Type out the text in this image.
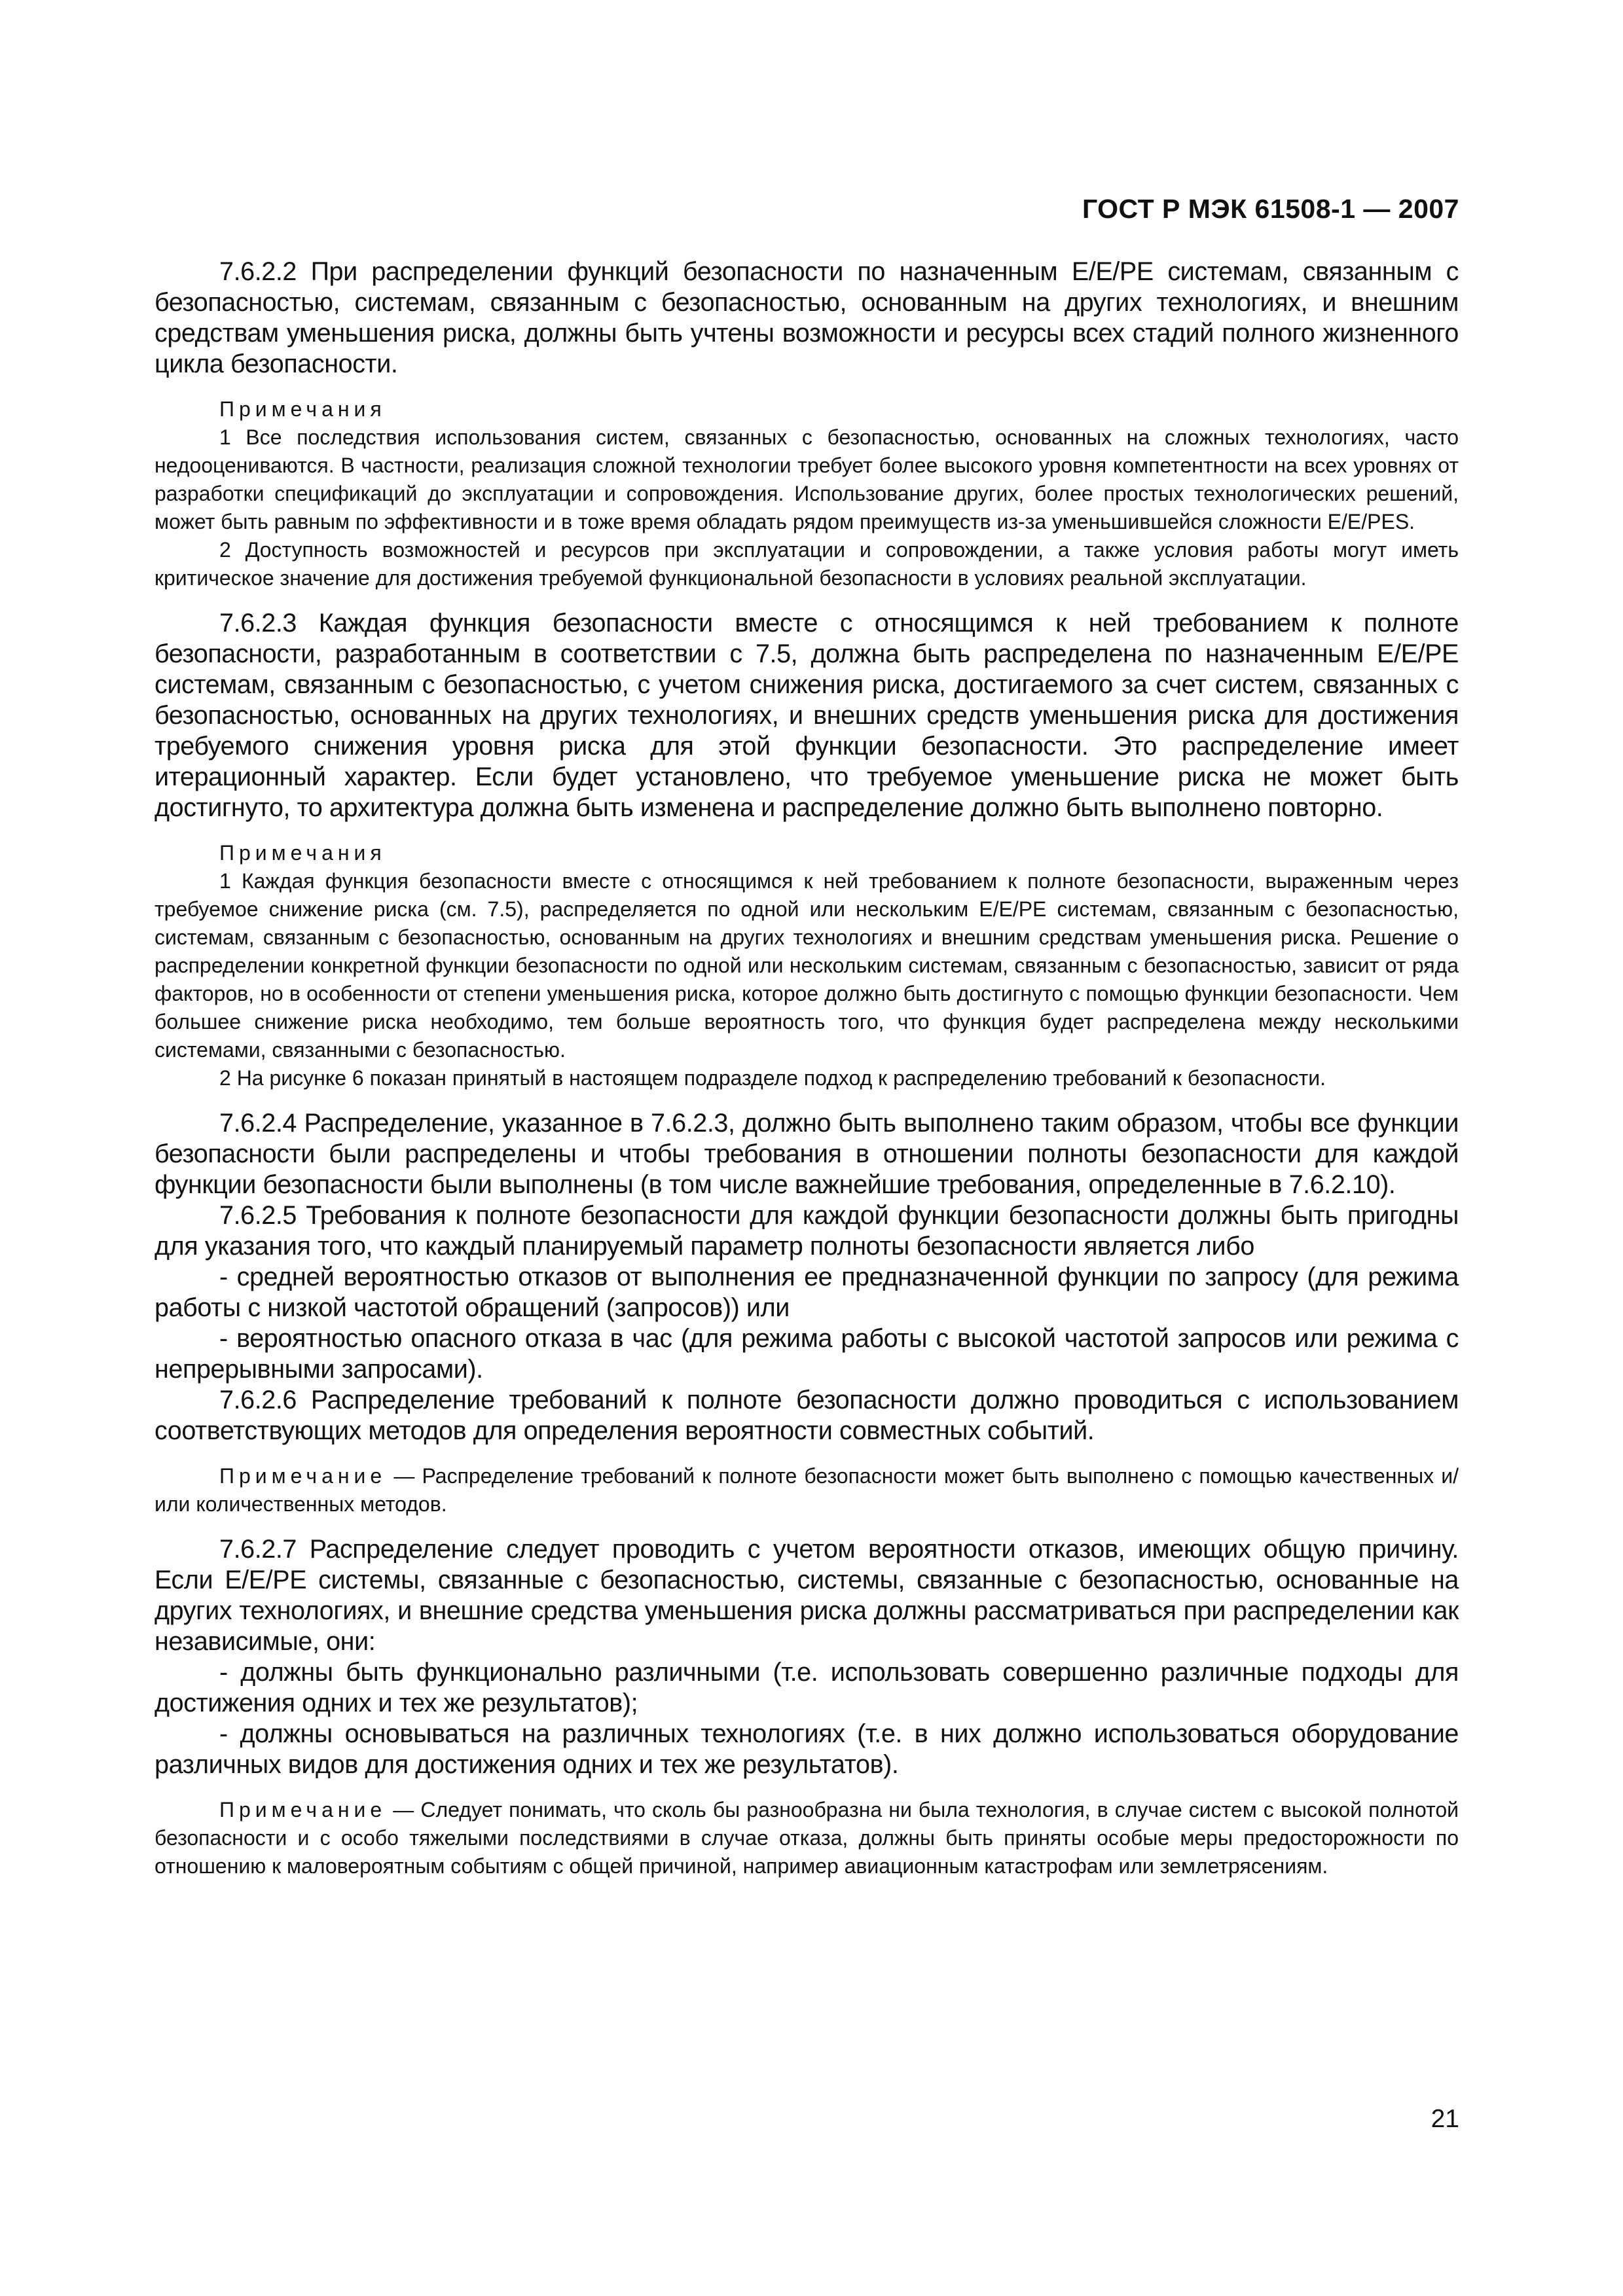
ГОСТ Р МЭК 61508-1 — 2007

7.6.2.2 При распределении функций безопасности по назначенным E/E/PE системам, связанным с безопасностью, системам, связанным с безопасностью, основанным на других технологиях, и внешним средствам уменьшения риска, должны быть учтены возможности и ресурсы всех стадий полного жизненного цикла безопасности.

Примечания

1 Все последствия использования систем, связанных с безопасностью, основанных на сложных технологиях, часто недооцениваются. В частности, реализация сложной технологии требует более высокого уровня компетентности на всех уровнях от разработки спецификаций до эксплуатации и сопровождения. Использование других, более простых технологических решений, может быть равным по эффективности и в тоже время обладать рядом преимуществ из-за уменьшившейся сложности E/E/PES.

2 Доступность возможностей и ресурсов при эксплуатации и сопровождении, а также условия работы могут иметь критическое значение для достижения требуемой функциональной безопасности в условиях реальной эксплуатации.

7.6.2.3 Каждая функция безопасности вместе с относящимся к ней требованием к полноте безопасности, разработанным в соответствии с 7.5, должна быть распределена по назначенным E/E/PE системам, связанным с безопасностью, с учетом снижения риска, достигаемого за счет систем, связанных с безопасностью, основанных на других технологиях, и внешних средств уменьшения риска для достижения требуемого снижения уровня риска для этой функции безопасности. Это распределение имеет итерационный характер. Если будет установлено, что требуемое уменьшение риска не может быть достигнуто, то архитектура должна быть изменена и распределение должно быть выполнено повторно.

Примечания

1 Каждая функция безопасности вместе с относящимся к ней требованием к полноте безопасности, выраженным через требуемое снижение риска (см. 7.5), распределяется по одной или нескольким E/E/PE системам, связанным с безопасностью, системам, связанным с безопасностью, основанным на других технологиях и внешним средствам уменьшения риска. Решение о распределении конкретной функции безопасности по одной или нескольким системам, связанным с безопасностью, зависит от ряда факторов, но в особенности от степени уменьшения риска, которое должно быть достигнуто с помощью функции безопасности. Чем большее снижение риска необходимо, тем больше вероятность того, что функция будет распределена между несколькими системами, связанными с безопасностью.

2 На рисунке 6 показан принятый в настоящем подразделе подход к распределению требований к безопасности.

7.6.2.4 Распределение, указанное в 7.6.2.3, должно быть выполнено таким образом, чтобы все функции безопасности были распределены и чтобы требования в отношении полноты безопасности для каждой функции безопасности были выполнены (в том числе важнейшие требования, определенные в 7.6.2.10).

7.6.2.5 Требования к полноте безопасности для каждой функции безопасности должны быть пригодны для указания того, что каждый планируемый параметр полноты безопасности является либо

- средней вероятностью отказов от выполнения ее предназначенной функции по запросу (для режима работы с низкой частотой обращений (запросов)) или

- вероятностью опасного отказа в час (для режима работы с высокой частотой запросов или режима с непрерывными запросами).

7.6.2.6 Распределение требований к полноте безопасности должно проводиться с использованием соответствующих методов для определения вероятности совместных событий.

Примечание — Распределение требований к полноте безопасности может быть выполнено с помощью качественных и/или количественных методов.

7.6.2.7 Распределение следует проводить с учетом вероятности отказов, имеющих общую причину. Если E/E/PE системы, связанные с безопасностью, системы, связанные с безопасностью, основанные на других технологиях, и внешние средства уменьшения риска должны рассматриваться при распределении как независимые, они:

- должны быть функционально различными (т.е. использовать совершенно различные подходы для достижения одних и тех же результатов);

- должны основываться на различных технологиях (т.е. в них должно использоваться оборудование различных видов для достижения одних и тех же результатов).

Примечание — Следует понимать, что сколь бы разнообразна ни была технология, в случае систем с высокой полнотой безопасности и с особо тяжелыми последствиями в случае отказа, должны быть приняты особые меры предосторожности по отношению к маловероятным событиям с общей причиной, например авиационным катастрофам или землетрясениям.

21
